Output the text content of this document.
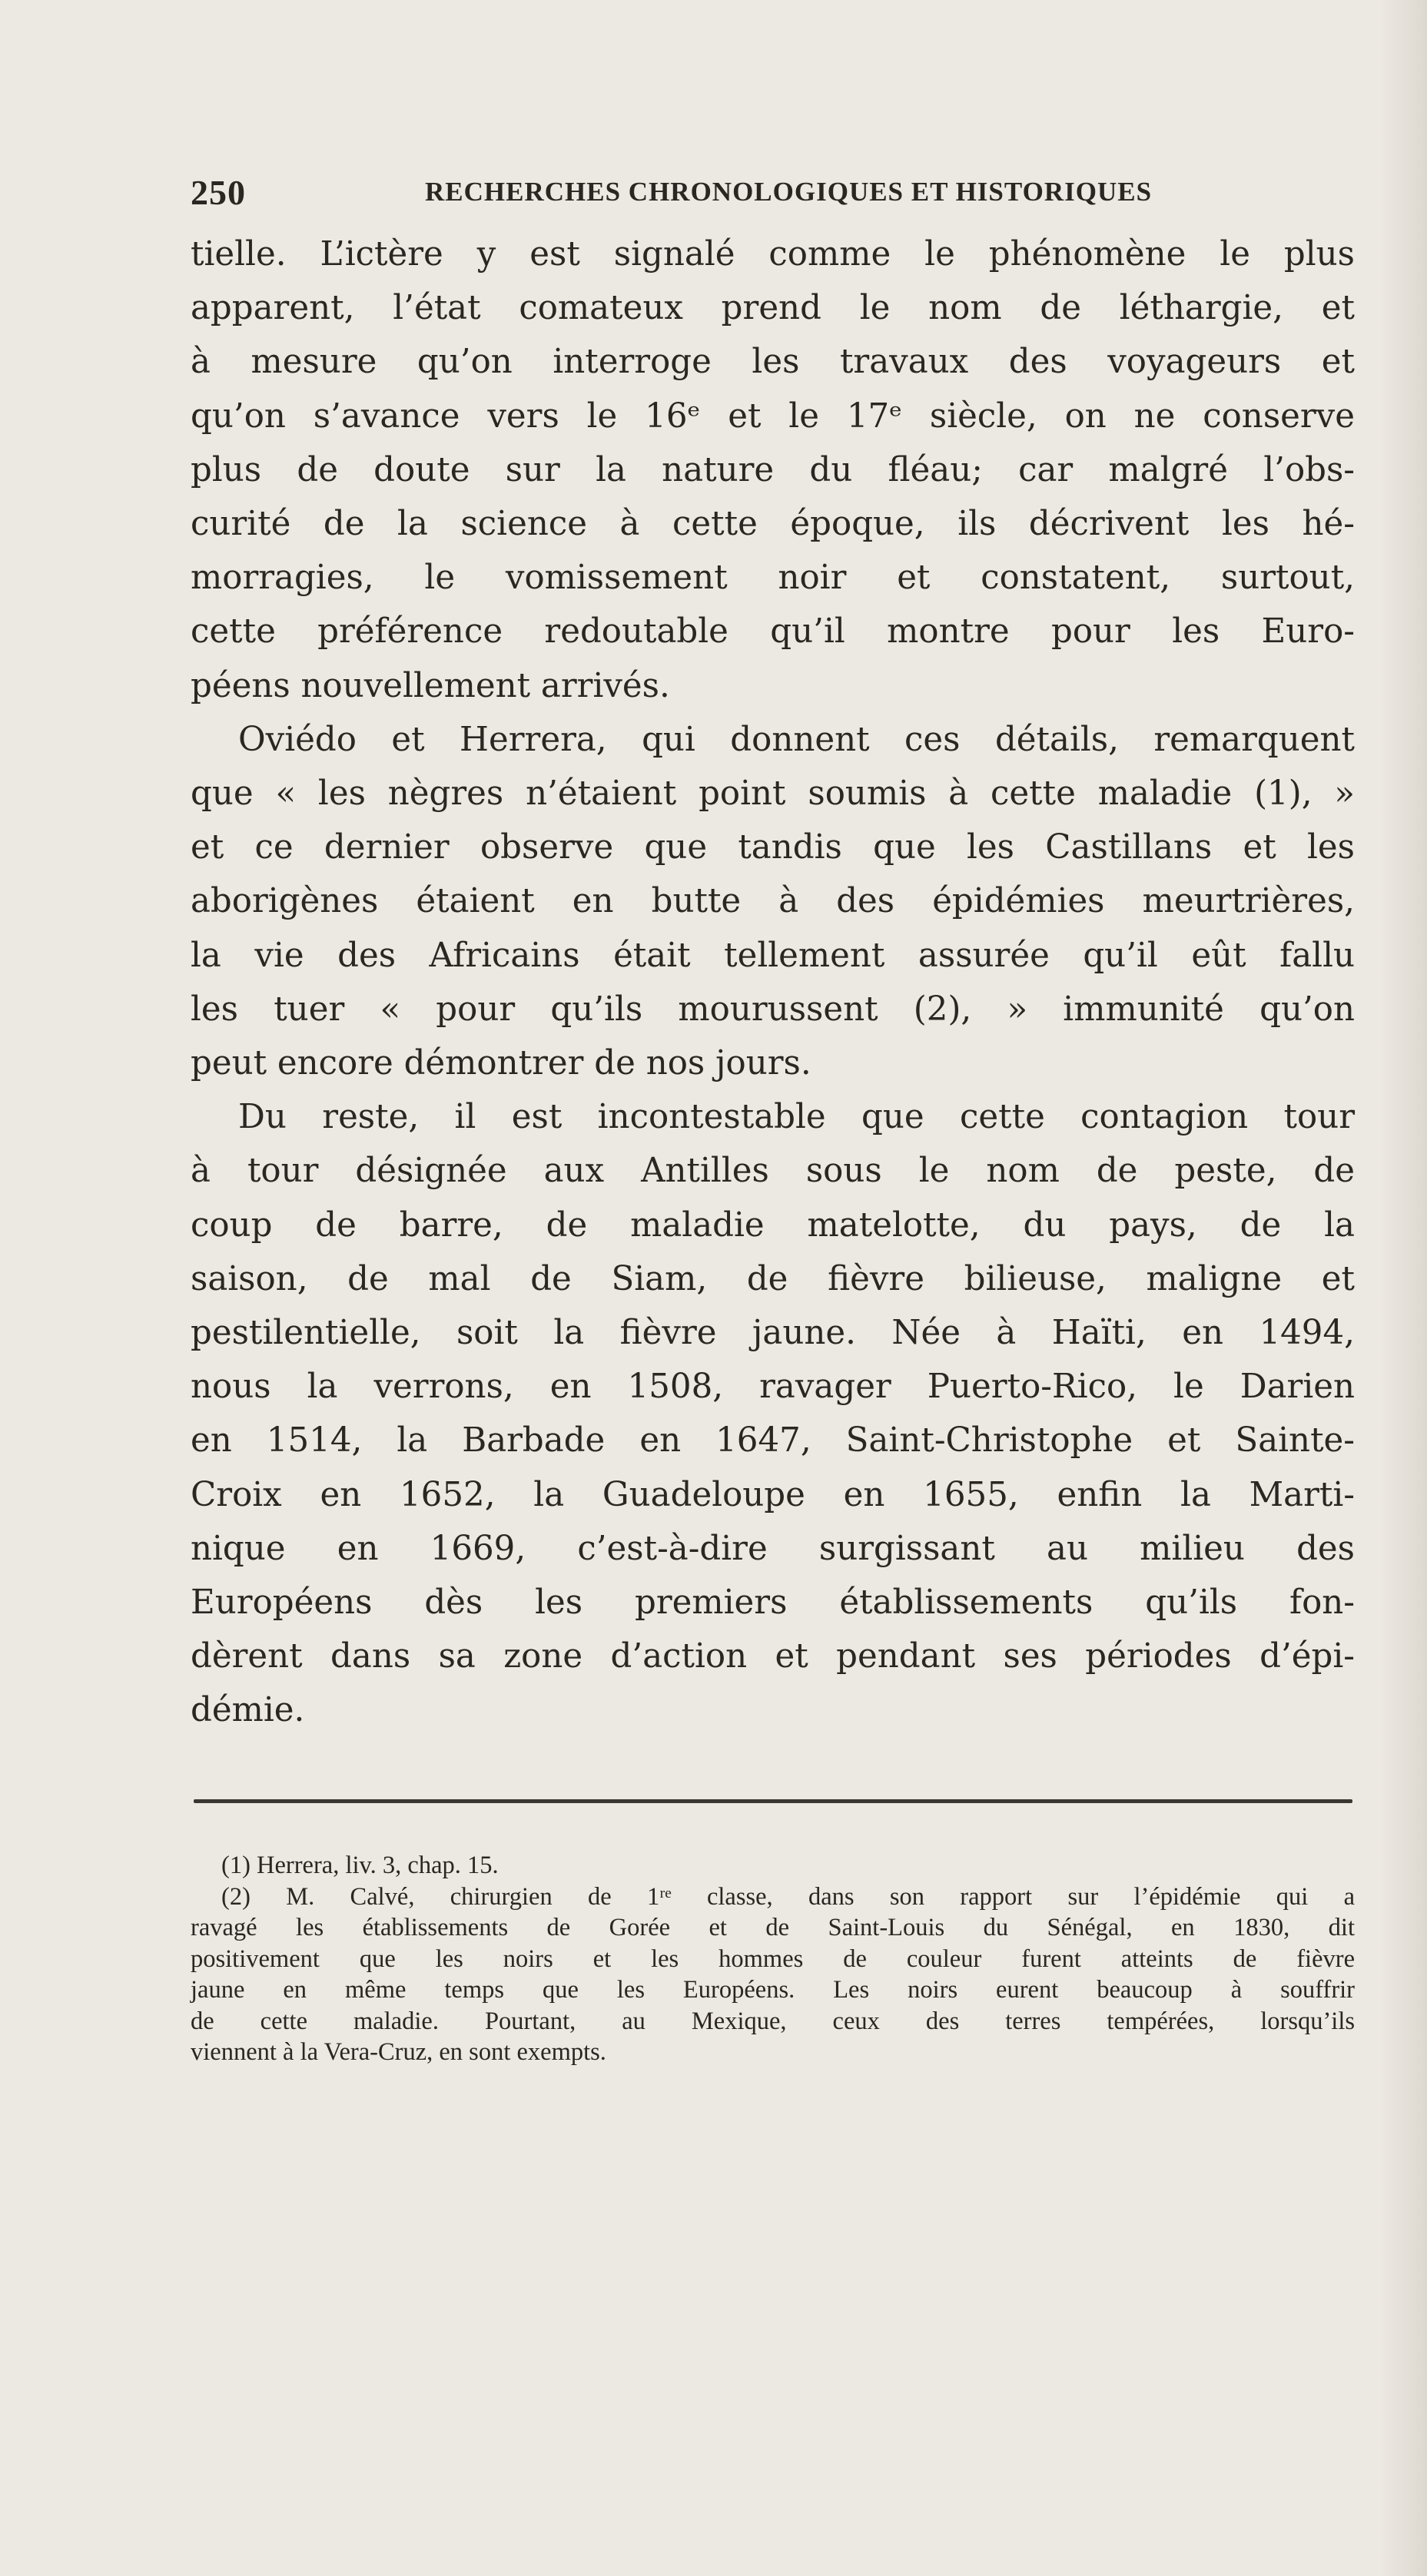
250	RECHERCHES CHRONOLOGIQUES ET HISTORIQUES
tielle. L’ictère y est signalé comme le phénomène le plus
apparent, l’état comateux prend le nom de léthargie, et
à mesure qu’on interroge les travaux des voyageurs et
qu’on s’avance vers le 16ᵉ et le 17ᵉ siècle, on ne conserve
plus de doute sur la nature du fléau; car malgré l’obs-
curité de la science à cette époque, ils décrivent les hé-
morragies, le vomissement noir et constatent, surtout,
cette préférence redoutable qu’il montre pour les Euro-
péens nouvellement arrivés.
Oviédo et Herrera, qui donnent ces détails, remarquent
que « les nègres n’étaient point soumis à cette maladie (1), »
et ce dernier observe que tandis que les Castillans et les
aborigènes étaient en butte à des épidémies meurtrières,
la vie des Africains était tellement assurée qu’il eût fallu
les tuer « pour qu’ils mourussent (2), » immunité qu’on
peut encore démontrer de nos jours.
Du reste, il est incontestable que cette contagion tour
à tour désignée aux Antilles sous le nom de peste, de
coup de barre, de maladie matelotte, du pays, de la
saison, de mal de Siam, de fièvre bilieuse, maligne et
pestilentielle, soit la fièvre jaune. Née à Haïti, en 1494,
nous la verrons, en 1508, ravager Puerto-Rico, le Darien
en 1514, la Barbade en 1647, Saint-Christophe et Sainte-
Croix en 1652, la Guadeloupe en 1655, enfin la Marti-
nique en 1669, c’est-à-dire surgissant au milieu des
Européens dès les premiers établissements qu’ils fon-
dèrent dans sa zone d’action et pendant ses périodes d’épi-
démie.
(1) Herrera, liv. 3, chap. 15.
(2) M. Calvé, chirurgien de 1ʳᵉ classe, dans son rapport sur l’épidémie qui a
ravagé les établissements de Gorée et de Saint-Louis du Sénégal, en 1830, dit
positivement que les noirs et les hommes de couleur furent atteints de fièvre
jaune en même temps que les Européens. Les noirs eurent beaucoup à souffrir
de cette maladie. Pourtant, au Mexique, ceux des terres tempérées, lorsqu’ils
viennent à la Vera-Cruz, en sont exempts.
